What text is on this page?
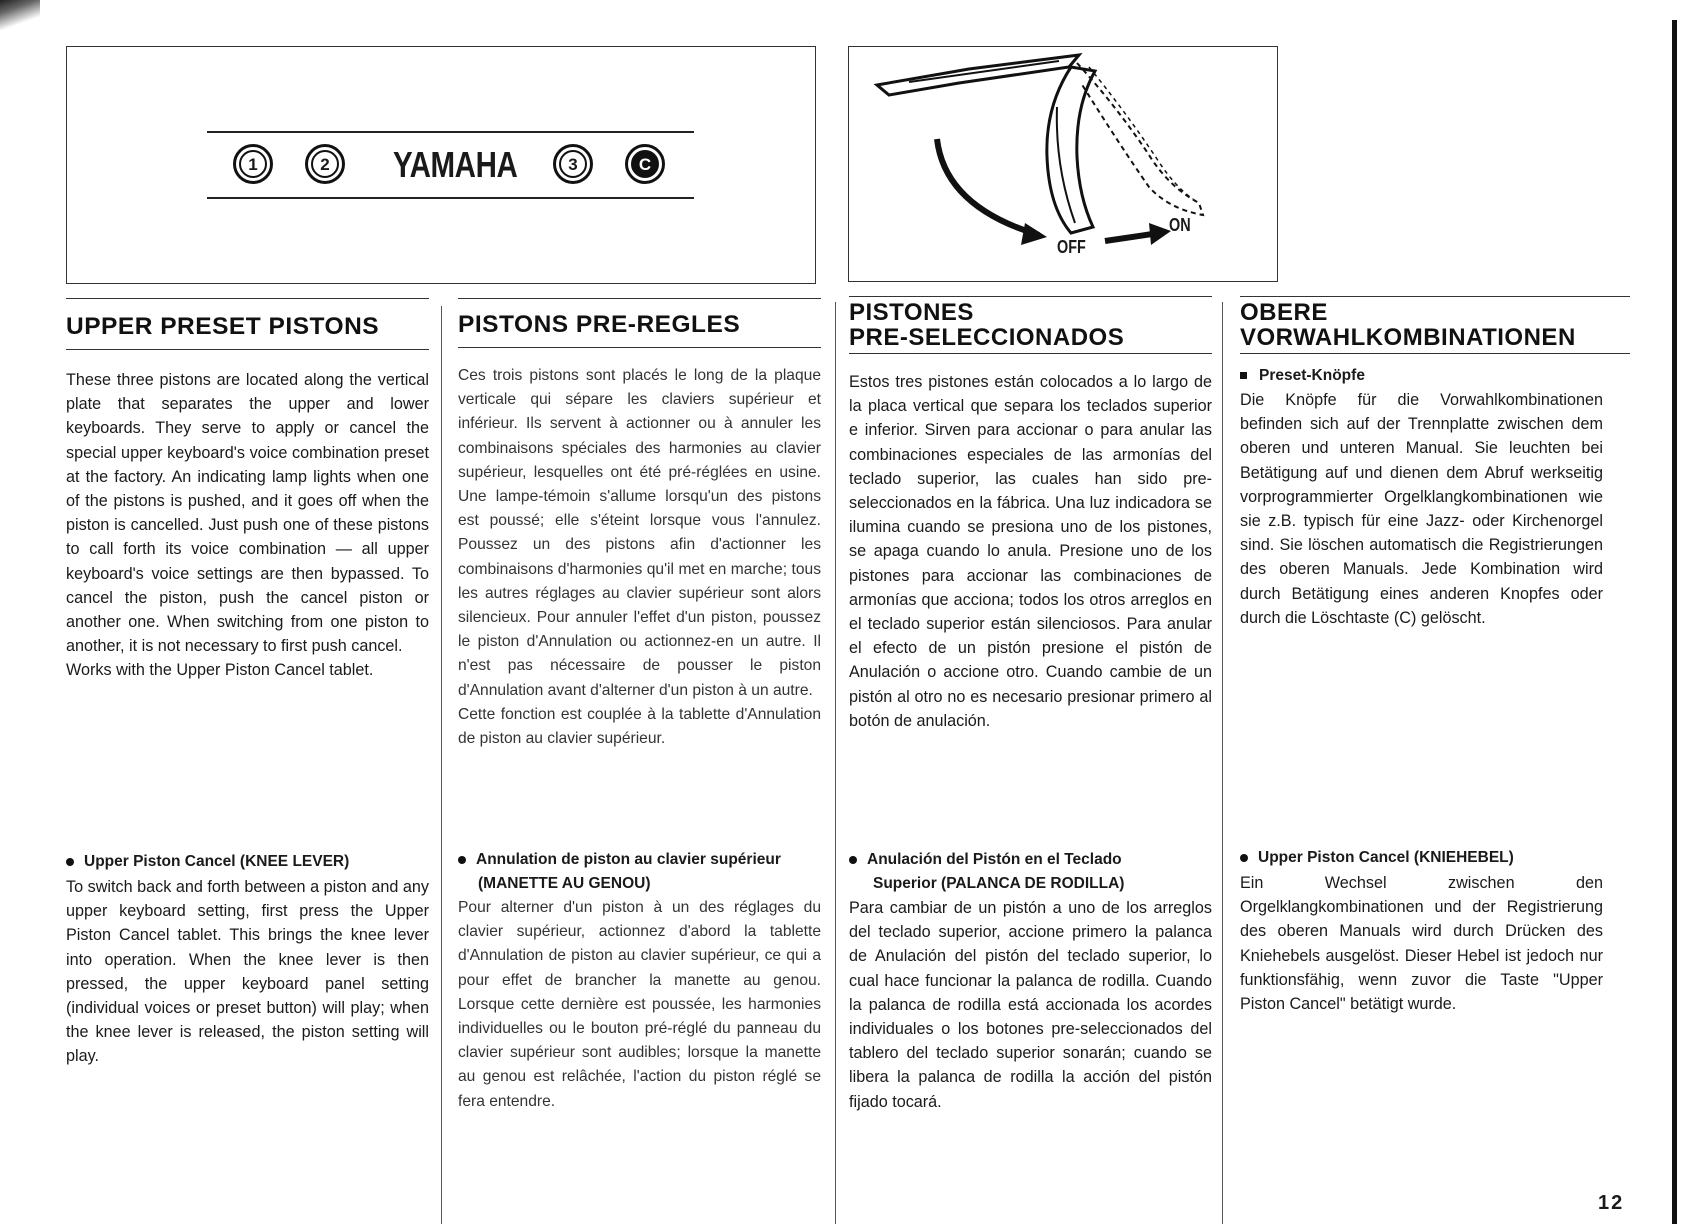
1	2 YAMAHA	3	C
OFF
ON
UPPER PRESET PISTONS

These three pistons are located along the vertical plate that separates the upper and lower keyboards. They serve to apply or cancel the special upper keyboard's voice combination preset at the factory. An indicating lamp lights when one of the pistons is pushed, and it goes off when the piston is cancelled. Just push one of these pistons to call forth its voice combination — all upper keyboard's voice settings are then bypassed. To cancel the piston, push the cancel piston or another one. When switching from one piston to another, it is not necessary to first push cancel.

Works with the Upper Piston Cancel tablet.

Upper Piston Cancel (KNEE LEVER)

To switch back and forth between a piston and any upper keyboard setting, first press the Upper Piston Cancel tablet. This brings the knee lever into operation. When the knee lever is then pressed, the upper keyboard panel setting (individual voices or preset button) will play; when the knee lever is released, the piston setting will play.

PISTONS PRE-REGLES

Ces trois pistons sont placés le long de la plaque verticale qui sépare les claviers supérieur et inférieur. Ils servent à actionner ou à annuler les combinaisons spéciales des harmonies au clavier supérieur, lesquelles ont été pré-réglées en usine. Une lampe-témoin s'allume lorsqu'un des pistons est poussé; elle s'éteint lorsque vous l'annulez. Poussez un des pistons afin d'actionner les combinaisons d'harmonies qu'il met en marche; tous les autres réglages au clavier supérieur sont alors silencieux. Pour annuler l'effet d'un piston, poussez le piston d'Annulation ou actionnez-en un autre. Il n'est pas nécessaire de pousser le piston d'Annulation avant d'alterner d'un piston à un autre.

Cette fonction est couplée à la tablette d'Annulation de piston au clavier supérieur.

Annulation de piston au clavier supérieur
(MANETTE AU GENOU)

Pour alterner d'un piston à un des réglages du clavier supérieur, actionnez d'abord la tablette d'Annulation de piston au clavier supérieur, ce qui a pour effet de brancher la manette au genou. Lorsque cette dernière est poussée, les harmonies individuelles ou le bouton pré-réglé du panneau du clavier supérieur sont audibles; lorsque la manette au genou est relâchée, l'action du piston réglé se fera entendre.

PISTONES
PRE-SELECCIONADOS

Estos tres pistones están colocados a lo largo de la placa vertical que separa los teclados superior e inferior. Sirven para accionar o para anular las combinaciones especiales de las armonías del teclado superior, las cuales han sido pre-seleccionados en la fábrica. Una luz indicadora se ilumina cuando se presiona uno de los pistones, se apaga cuando lo anula. Presione uno de los pistones para accionar las combinaciones de armonías que acciona; todos los otros arreglos en el teclado superior están silenciosos. Para anular el efecto de un pistón presione el pistón de Anulación o accione otro. Cuando cambie de un pistón al otro no es necesario presionar primero al botón de anulación.

Anulación del Pistón en el Teclado
Superior (PALANCA DE RODILLA)

Para cambiar de un pistón a uno de los arreglos del teclado superior, accione primero la palanca de Anulación del pistón del teclado superior, lo cual hace funcionar la palanca de rodilla. Cuando la palanca de rodilla está accionada los acordes individuales o los botones pre-seleccionados del tablero del teclado superior sonarán; cuando se libera la palanca de rodilla la acción del pistón fijado tocará.

OBERE
VORWAHLKOMBINATIONEN

Preset-Knöpfe

Die Knöpfe für die Vorwahlkombinationen befinden sich auf der Trennplatte zwischen dem oberen und unteren Manual. Sie leuchten bei Betätigung auf und dienen dem Abruf werkseitig vorprogrammierter Orgelklangkombinationen wie sie z.B. typisch für eine Jazz- oder Kirchenorgel sind. Sie löschen automatisch die Registrierungen des oberen Manuals. Jede Kombination wird durch Betätigung eines anderen Knopfes oder durch die Löschtaste (C) gelöscht.

Upper Piston Cancel (KNIEHEBEL)

Ein Wechsel zwischen den Orgelklangkombinationen und der Registrierung des oberen Manuals wird durch Drücken des Kniehebels ausgelöst. Dieser Hebel ist jedoch nur funktionsfähig, wenn zuvor die Taste "Upper Piston Cancel" betätigt wurde.

12
